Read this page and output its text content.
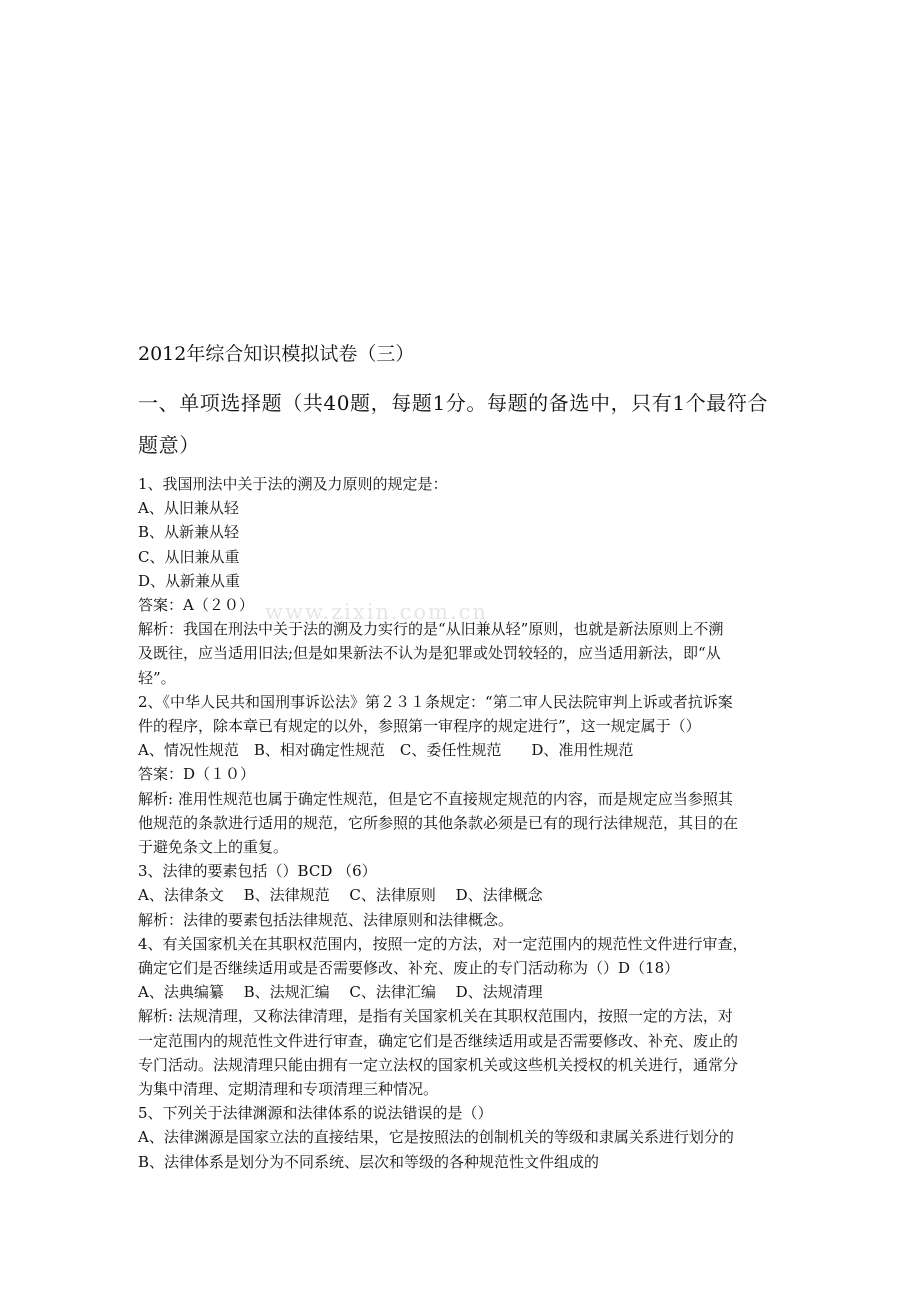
www.zixin.com.cn
2012年综合知识模拟试卷（三）
一、单项选择题（共40题，每题1分。每题的备选中，只有1个最符合题意）
1、我国刑法中关于法的溯及力原则的规定是：
A、从旧兼从轻
B、从新兼从轻
C、从旧兼从重
D、从新兼从重
答案：A（２０）
解析：我国在刑法中关于法的溯及力实行的是“从旧兼从轻”原则，也就是新法原则上不溯
及既往，应当适用旧法;但是如果新法不认为是犯罪或处罚较轻的，应当适用新法，即“从
轻”。
2、《中华人民共和国刑事诉讼法》第２３１条规定：“第二审人民法院审判上诉或者抗诉案
件的程序，除本章已有规定的以外，参照第一审程序的规定进行”，这一规定属于（）
A、情况性规范　B、相对确定性规范　C、委任性规范　　D、准用性规范
答案：D（１０）
解析: 准用性规范也属于确定性规范，但是它不直接规定规范的内容，而是规定应当参照其
他规范的条款进行适用的规范，它所参照的其他条款必须是已有的现行法律规范，其目的在
于避免条文上的重复。
3、法律的要素包括（）BCD （6）
A、法律条文　 B、法律规范　 C、法律原则　 D、法律概念
解析：法律的要素包括法律规范、法律原则和法律概念。
4、有关国家机关在其职权范围内，按照一定的方法，对一定范围内的规范性文件进行审查，
确定它们是否继续适用或是否需要修改、补充、废止的专门活动称为（）D（18）
A、法典编纂　 B、法规汇编　 C、法律汇编　 D、法规清理
解析: 法规清理，又称法律清理，是指有关国家机关在其职权范围内，按照一定的方法，对
一定范围内的规范性文件进行审查，确定它们是否继续适用或是否需要修改、补充、废止的
专门活动。法规清理只能由拥有一定立法权的国家机关或这些机关授权的机关进行，通常分
为集中清理、定期清理和专项清理三种情况。
5、下列关于法律渊源和法律体系的说法错误的是（）
A、法律渊源是国家立法的直接结果，它是按照法的创制机关的等级和隶属关系进行划分的
B、法律体系是划分为不同系统、层次和等级的各种规范性文件组成的
